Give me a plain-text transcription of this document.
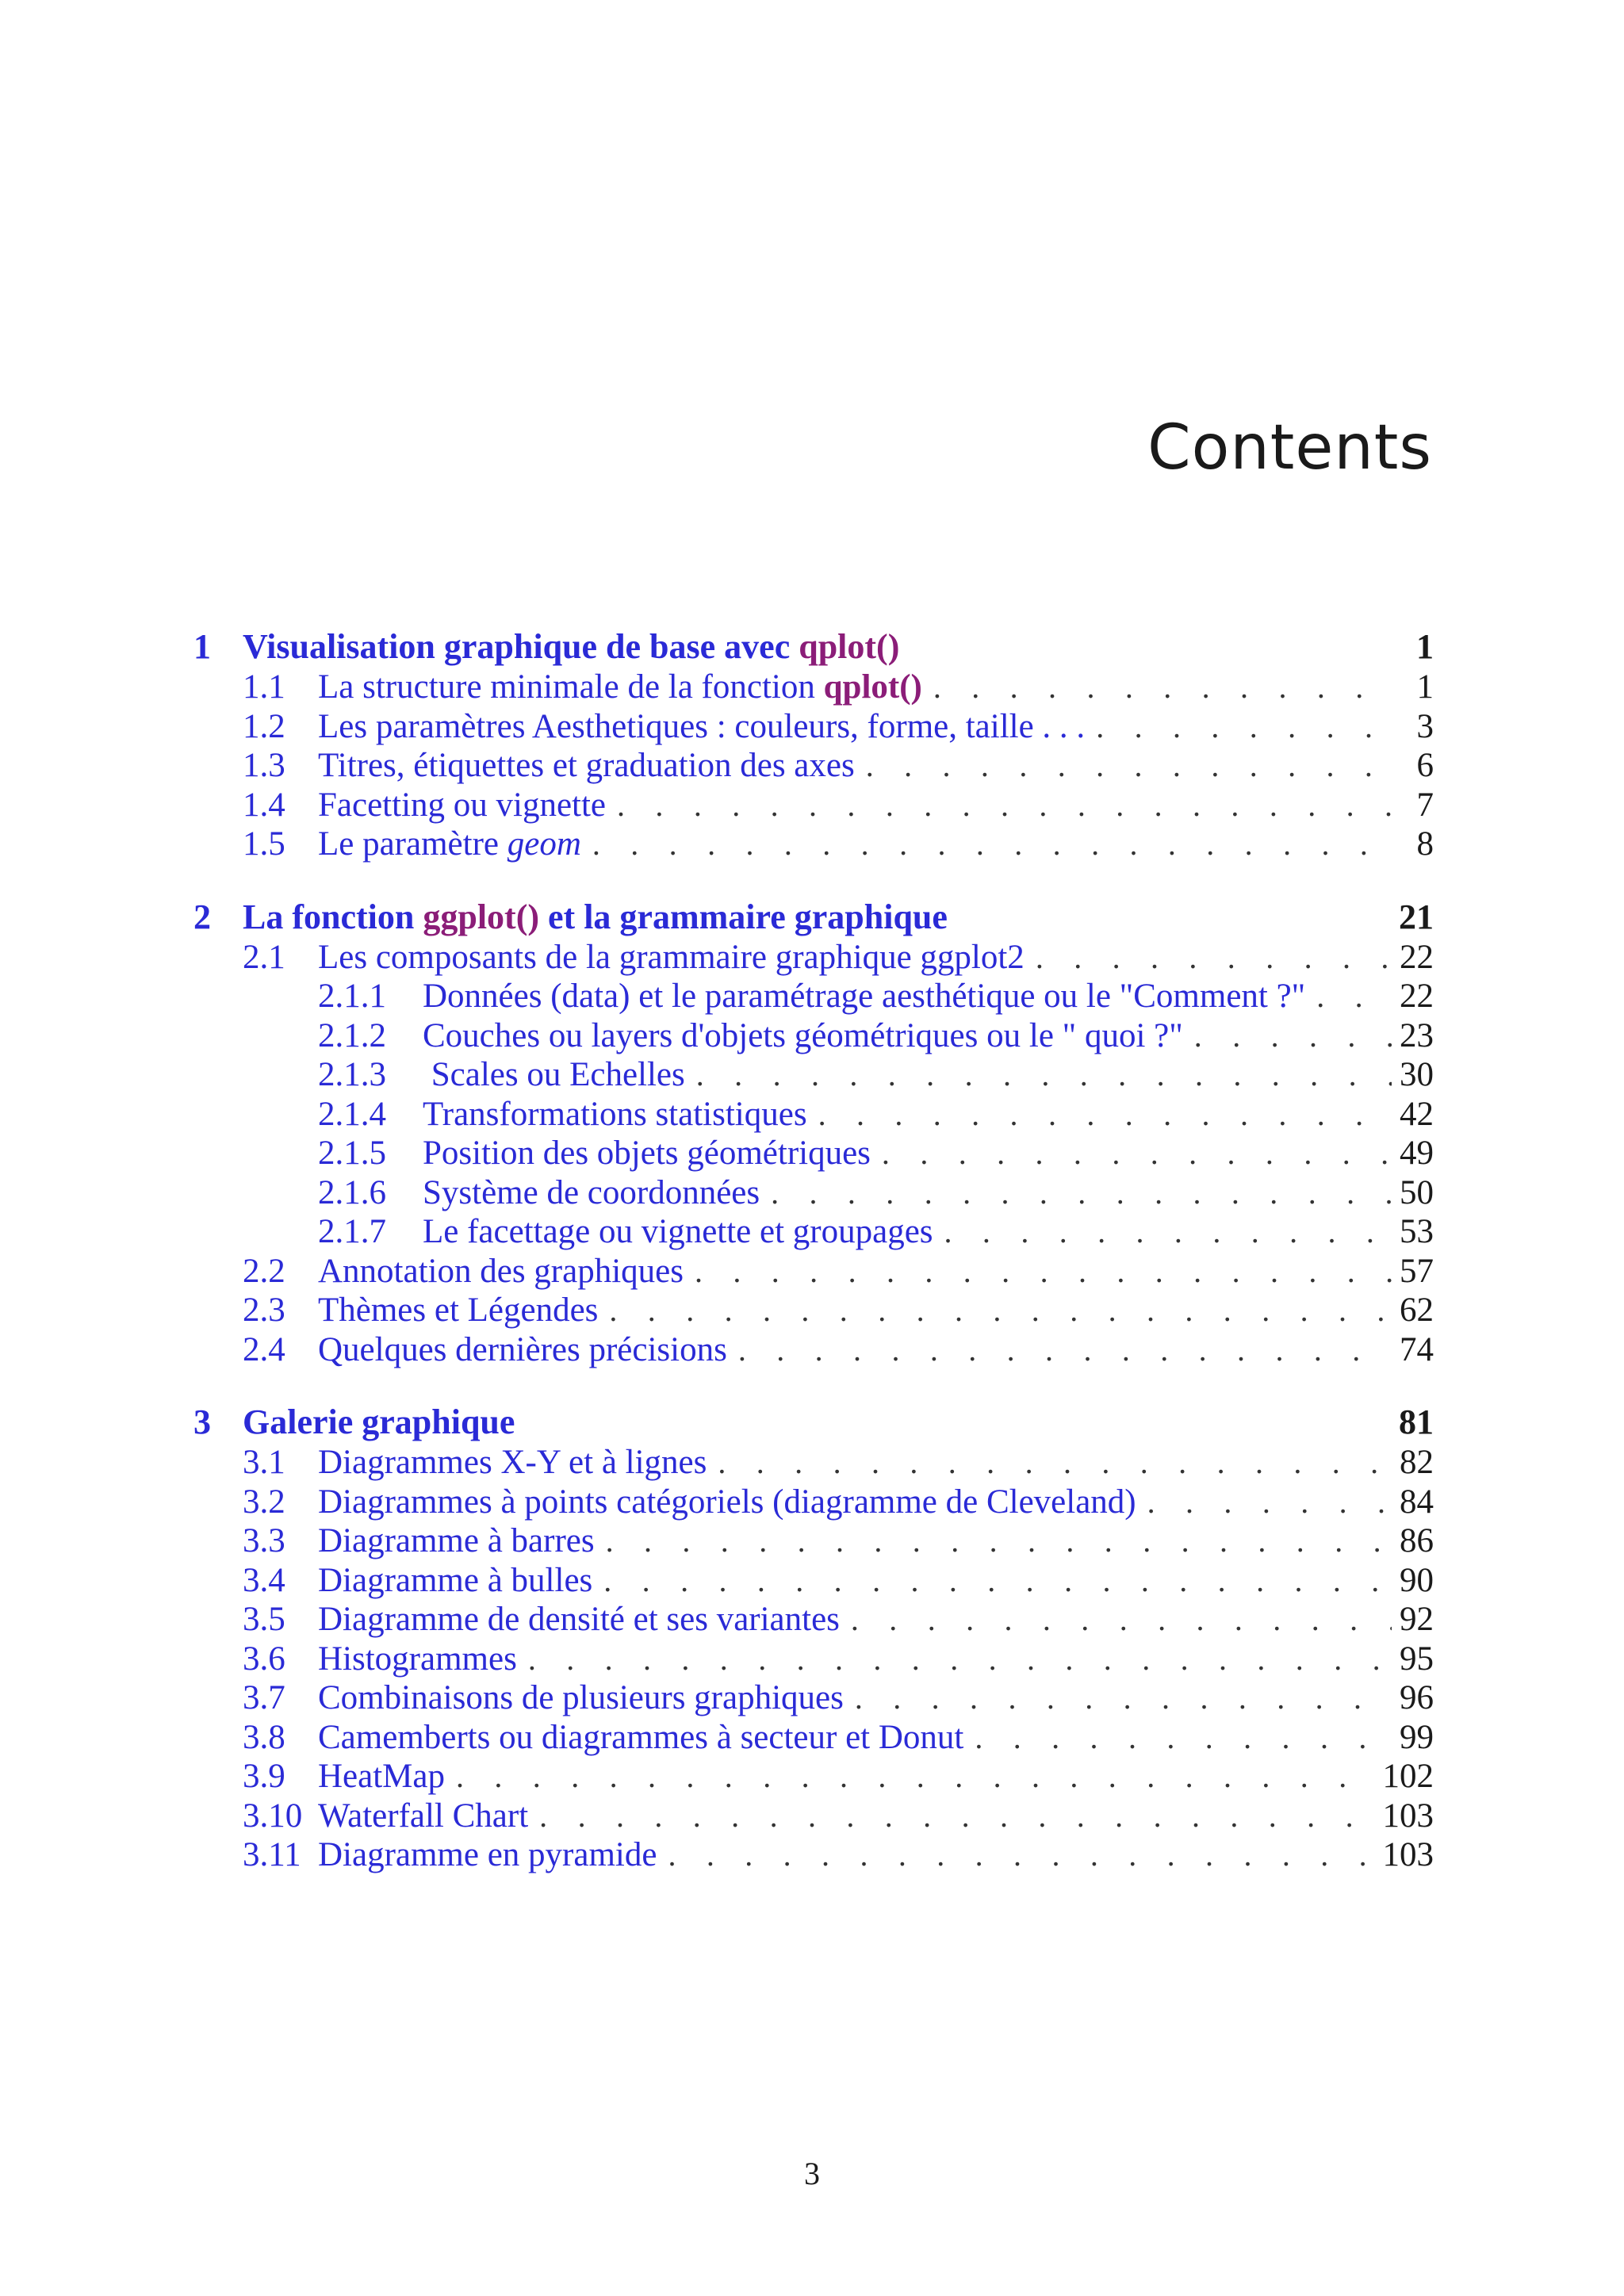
Contents
1 Visualisation graphique de base avec qplot()	1
1.1 La structure minimale de la fonction qplot() . . .	1
1.2 Les paramètres Aesthetiques : couleurs, forme, taille . . . . . .	3
1.3 Titres, étiquettes et graduation des axes . . .	6
1.4 Facetting ou vignette . . .	7
1.5 Le paramètre geom . . .	8
2 La fonction ggplot() et la grammaire graphique	21
2.1 Les composants de la grammaire graphique ggplot2 . . .	22
2.1.1	Données (data) et le paramétrage aesthétique ou le "Comment ?" . . .	22
2.1.2	Couches ou layers d'objets géométriques ou le " quoi ?" . . .	23
2.1.3	Scales ou Echelles . . .	30
2.1.4	Transformations statistiques . . .	42
2.1.5	Position des objets géométriques . . .	49
2.1.6	Système de coordonnées . . .	50
2.1.7	Le facettage ou vignette et groupages . . .	53
2.2 Annotation des graphiques . . .	57
2.3 Thèmes et Légendes . . .	62
2.4 Quelques dernières précisions . . .	74
3 Galerie graphique	81
3.1 Diagrammes X-Y et à lignes . . .	82
3.2 Diagrammes à points catégoriels (diagramme de Cleveland) . . .	84
3.3 Diagramme à barres . . .	86
3.4 Diagramme à bulles . . .	90
3.5 Diagramme de densité et ses variantes . . .	92
3.6 Histogrammes . . .	95
3.7 Combinaisons de plusieurs graphiques . . .	96
3.8 Camemberts ou diagrammes à secteur et Donut . . .	99
3.9 HeatMap . . .	102
3.10 Waterfall Chart . . .	103
3.11 Diagramme en pyramide . . .	103
3
